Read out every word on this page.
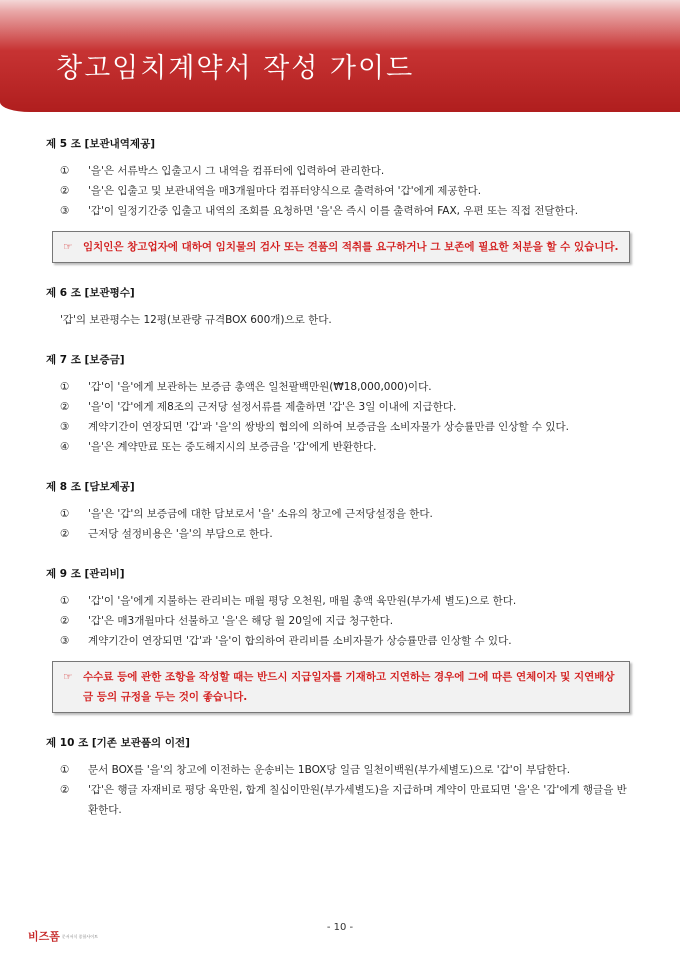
창고임치계약서 작성 가이드
제 5 조 [보관내역제공]
①	'을'은 서류박스 입출고시 그 내역을 컴퓨터에 입력하여 관리한다.
②	'을'은 입출고 및 보관내역을 매3개월마다 컴퓨터양식으로 출력하여 '갑'에게 제공한다.
③	'갑'이 일정기간중 입출고 내역의 조회를 요청하면 '을'은 즉시 이를 출력하여 FAX, 우편 또는 직접 전달한다.
☞	임치인은 창고업자에 대하여 임치물의 검사 또는 견품의 적취를 요구하거나 그 보존에 필요한 처분을 할 수 있습니다.
제 6 조 [보관평수]
'갑'의 보관평수는 12평(보관량 규격BOX 600개)으로 한다.
제 7 조 [보증금]
①	'갑'이 '을'에게 보관하는 보증금 총액은 일천팔백만원(₩18,000,000)이다.
②	'을'이 '갑'에게 제8조의 근저당 설정서류를 제출하면 '갑'은 3일 이내에 지급한다.
③	계약기간이 연장되면 '갑'과 '을'의 쌍방의 협의에 의하여 보증금을 소비자물가 상승률만큼 인상할 수 있다.
④	'을'은 계약만료 또는 중도해지시의 보증금을 '갑'에게 반환한다.
제 8 조 [담보제공]
①	'을'은 '갑'의 보증금에 대한 담보로서 '을' 소유의 창고에 근저당설정을 한다.
②	근저당 설정비용은 '을'의 부담으로 한다.
제 9 조 [관리비]
①	'갑'이 '을'에게 지불하는 관리비는 매월 평당 오천원, 매월 총액 육만원(부가세 별도)으로 한다.
②	'갑'은 매3개월마다 선불하고 '을'은 해당 월 20일에 지급 청구한다.
③	계약기간이 연장되면 '갑'과 '을'이 합의하여 관리비를 소비자물가 상승률만큼 인상할 수 있다.
☞	수수료 등에 관한 조항을 작성할 때는 반드시 지급일자를 기재하고 지연하는 경우에 그에 따른 연체이자 및 지연배상금 등의 규정을 두는 것이 좋습니다.
제 10 조 [기존 보관품의 이전]
①	문서 BOX를 '을'의 창고에 이전하는 운송비는 1BOX당 일금 일천이백원(부가세별도)으로 '갑'이 부담한다.
②	'갑'은 행글 자재비로 평당 육만원, 합계 칠십이만원(부가세별도)을 지급하며 계약이 만료되면 '을'은 '갑'에게 행글을 반환한다.
- 10 -
비즈폼 문서서식 종합사이트
